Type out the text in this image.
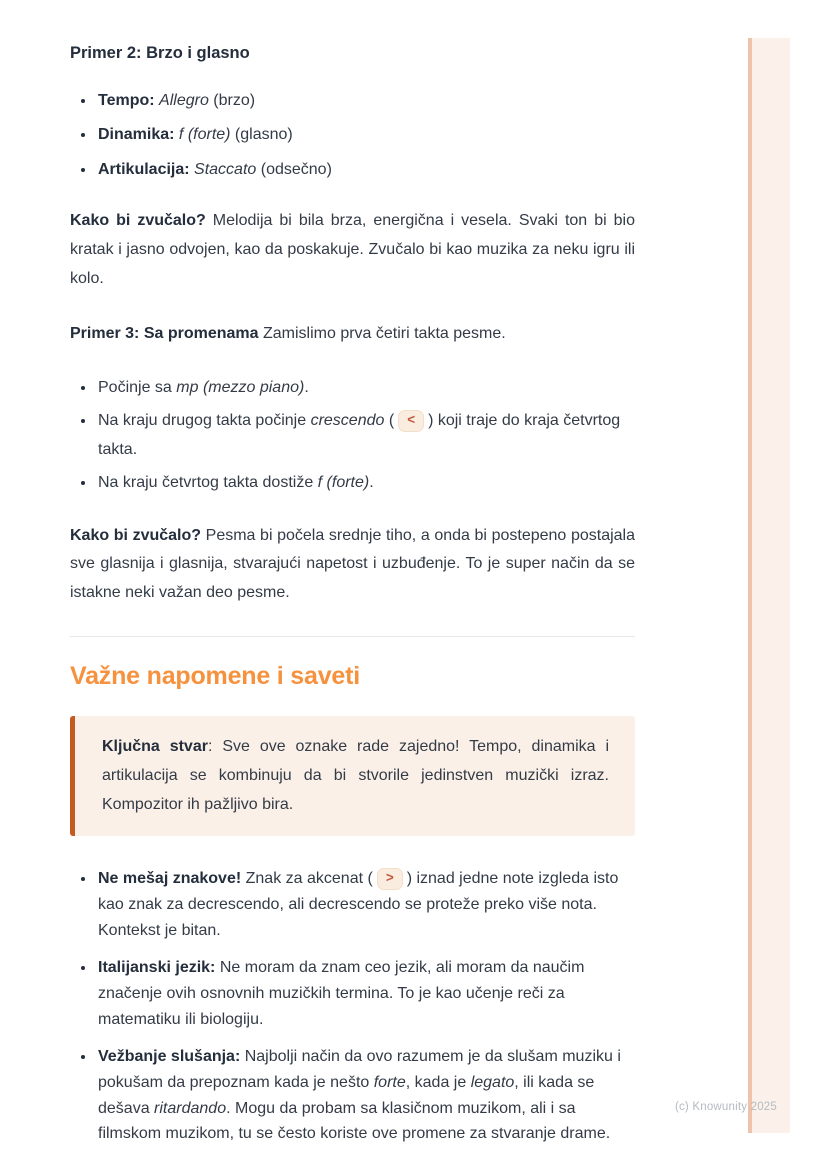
Primer 2: Brzo i glasno
• Tempo: Allegro (brzo)
• Dinamika: f (forte) (glasno)
• Artikulacija: Staccato (odsečno)

Kako bi zvučalo? Melodija bi bila brza, energična i vesela. Svaki ton bi bio kratak i jasno odvojen, kao da poskakuje. Zvučalo bi kao muzika za neku igru ili kolo.

Primer 3: Sa promenama Zamislimo prva četiri takta pesme.

• Počinje sa mp (mezzo piano).
• Na kraju drugog takta počinje crescendo ( < ) koji traje do kraja četvrtog takta.
• Na kraju četvrtog takta dostiže f (forte).

Kako bi zvučalo? Pesma bi počela srednje tiho, a onda bi postepeno postajala sve glasnija i glasnija, stvarajući napetost i uzbuđenje. To je super način da se istakne neki važan deo pesme.

Važne napomene i saveti

Ključna stvar: Sve ove oznake rade zajedno! Tempo, dinamika i artikulacija se kombinuju da bi stvorile jedinstven muzički izraz. Kompozitor ih pažljivo bira.

• Ne mešaj znakove! Znak za akcenat ( > ) iznad jedne note izgleda isto kao znak za decrescendo, ali decrescendo se proteže preko više nota. Kontekst je bitan.
• Italijanski jezik: Ne moram da znam ceo jezik, ali moram da naučim značenje ovih osnovnih muzičkih termina. To je kao učenje reči za matematiku ili biologiju.
• Vežbanje slušanja: Najbolji način da ovo razumem je da slušam muziku i pokušam da prepoznam kada je nešto forte, kada je legato, ili kada se dešava ritardando. Mogu da probam sa klasičnom muzikom, ali i sa filmskom muzikom, tu se često koriste ove promene za stvaranje drame.
(c) Knowunity 2025
